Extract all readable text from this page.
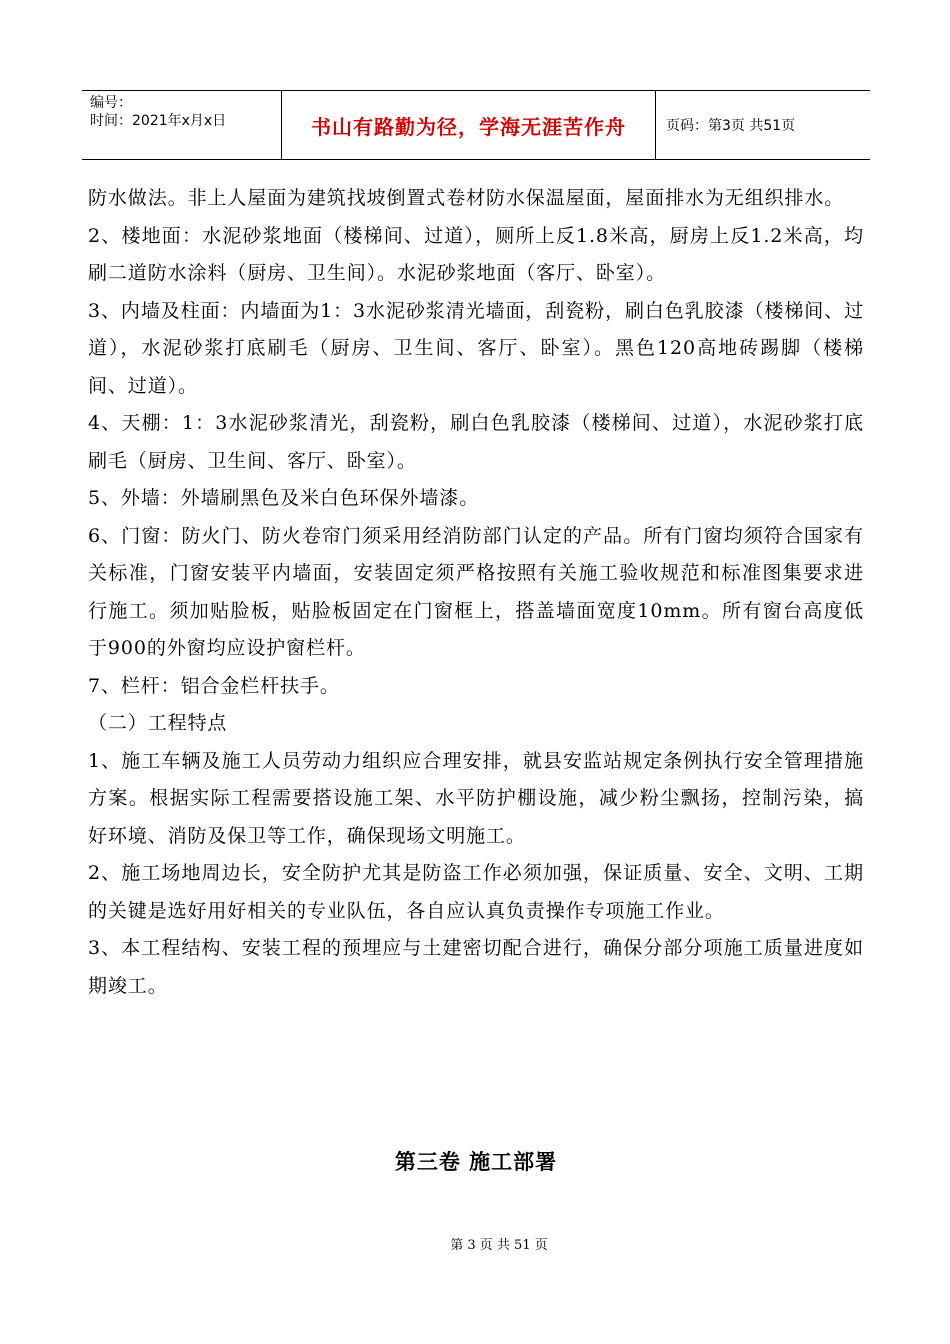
编号：
时间：2021年x月x日	书山有路勤为径，学海无涯苦作舟	页码：第3页 共51页

防水做法。非上人屋面为建筑找坡倒置式卷材防水保温屋面，屋面排水为无组织排水。

2、楼地面：水泥砂浆地面（楼梯间、过道），厕所上反1.8米高，厨房上反1.2米高，均刷二道防水涂料（厨房、卫生间）。水泥砂浆地面（客厅、卧室）。

3、内墙及柱面：内墙面为1：3水泥砂浆清光墙面，刮瓷粉，刷白色乳胶漆（楼梯间、过道），水泥砂浆打底刷毛（厨房、卫生间、客厅、卧室）。黑色120高地砖踢脚（楼梯间、过道）。

4、天棚：1：3水泥砂浆清光，刮瓷粉，刷白色乳胶漆（楼梯间、过道），水泥砂浆打底刷毛（厨房、卫生间、客厅、卧室）。

5、外墙：外墙刷黑色及米白色环保外墙漆。

6、门窗：防火门、防火卷帘门须采用经消防部门认定的产品。所有门窗均须符合国家有关标准，门窗安装平内墙面，安装固定须严格按照有关施工验收规范和标准图集要求进行施工。须加贴脸板，贴脸板固定在门窗框上，搭盖墙面宽度10mm。所有窗台高度低于900的外窗均应设护窗栏杆。

7、栏杆：铝合金栏杆扶手。

（二）工程特点

1、施工车辆及施工人员劳动力组织应合理安排，就县安监站规定条例执行安全管理措施方案。根据实际工程需要搭设施工架、水平防护棚设施，减少粉尘飘扬，控制污染，搞好环境、消防及保卫等工作，确保现场文明施工。

2、施工场地周边长，安全防护尤其是防盗工作必须加强，保证质量、安全、文明、工期的关键是选好用好相关的专业队伍，各自应认真负责操作专项施工作业。

3、本工程结构、安装工程的预埋应与土建密切配合进行，确保分部分项施工质量进度如期竣工。

第三卷 施工部署
第 3 页 共 51 页
